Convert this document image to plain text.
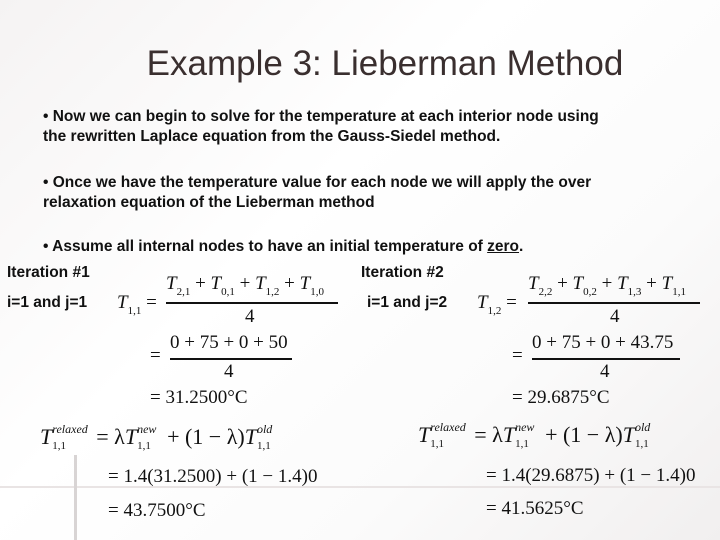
Example 3: Lieberman Method
• Now we can begin to solve for the temperature at each interior node using
the rewritten Laplace equation from the Gauss-Siedel method.
• Once we have the temperature value for each node we will apply the over
relaxation equation of the Lieberman method
• Assume all internal nodes to have an initial temperature of zero.
Iteration #1
i=1 and j=1 $T_{1,1}$ =
$T_{2,1} + T_{0,1} + T_{1,2} + T_{1,0}$
4
=
0 + 75 + 0 + 50
4
= 31.2500°C
T relaxed
1,1 = λT new
1,1 + (1 − λ)T old
1,1
= 1.4(31.2500) + (1 − 1.4)0
= 43.7500°C
Iteration #2
i=1 and j=2 $T_{1,2}$ =
$T_{2,2} + T_{0,2} + T_{1,3} + T_{1,1}$
4
=
0 + 75 + 0 + 43.75
4
= 29.6875°C
T relaxed
1,1 = λT new
1,1 + (1 − λ)T old
1,1
= 1.4(29.6875) + (1 − 1.4)0
= 41.5625°C
